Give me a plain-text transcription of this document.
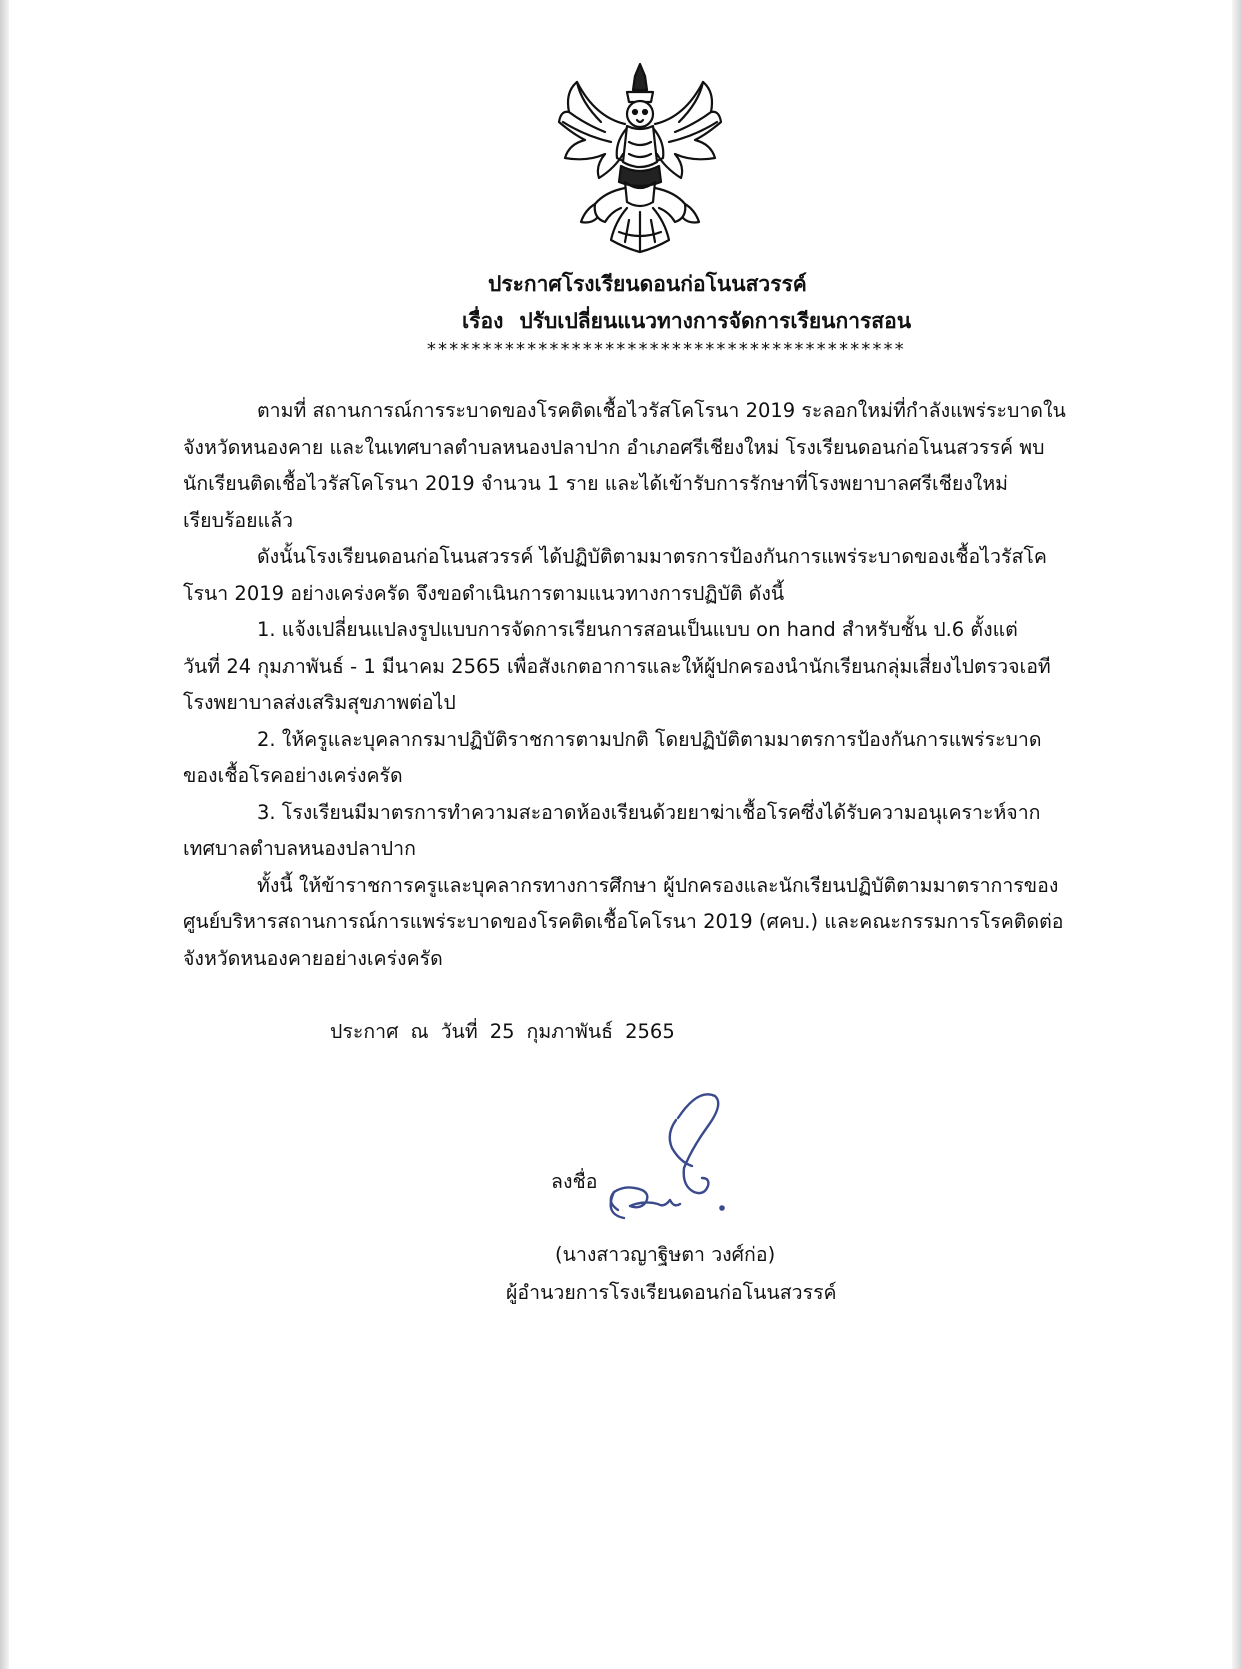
ประกาศโรงเรียนดอนก่อโนนสวรรค์
เรื่อง ปรับเปลี่ยนแนวทางการจัดการเรียนการสอน
*******************************************
ตามที่ สถานการณ์การระบาดของโรคติดเชื้อไวรัสโคโรนา 2019 ระลอกใหม่ที่กำลังแพร่ระบาดใน
จังหวัดหนองคาย และในเทศบาลตำบลหนองปลาปาก อำเภอศรีเชียงใหม่ โรงเรียนดอนก่อโนนสวรรค์ พบ
นักเรียนติดเชื้อไวรัสโคโรนา 2019 จำนวน 1 ราย และได้เข้ารับการรักษาที่โรงพยาบาลศรีเชียงใหม่
เรียบร้อยแล้ว
ดังนั้นโรงเรียนดอนก่อโนนสวรรค์ ได้ปฏิบัติตามมาตรการป้องกันการแพร่ระบาดของเชื้อไวรัสโค
โรนา 2019 อย่างเคร่งครัด จึงขอดำเนินการตามแนวทางการปฏิบัติ ดังนี้
1. แจ้งเปลี่ยนแปลงรูปแบบการจัดการเรียนการสอนเป็นแบบ on hand สำหรับชั้น ป.6 ตั้งแต่
วันที่ 24 กุมภาพันธ์ - 1 มีนาคม 2565 เพื่อสังเกตอาการและให้ผู้ปกครองนำนักเรียนกลุ่มเสี่ยงไปตรวจเอที
โรงพยาบาลส่งเสริมสุขภาพต่อไป
2. ให้ครูและบุคลากรมาปฏิบัติราชการตามปกติ โดยปฏิบัติตามมาตรการป้องกันการแพร่ระบาด
ของเชื้อโรคอย่างเคร่งครัด
3. โรงเรียนมีมาตรการทำความสะอาดห้องเรียนด้วยยาฆ่าเชื้อโรคซึ่งได้รับความอนุเคราะห์จาก
เทศบาลตำบลหนองปลาปาก
ทั้งนี้ ให้ข้าราชการครูและบุคลากรทางการศึกษา ผู้ปกครองและนักเรียนปฏิบัติตามมาตราการของ
ศูนย์บริหารสถานการณ์การแพร่ระบาดของโรคติดเชื้อโคโรนา 2019 (ศคบ.) และคณะกรรมการโรคติดต่อ
จังหวัดหนองคายอย่างเคร่งครัด
ประกาศ ณ วันที่ 25 กุมภาพันธ์ 2565
ลงชื่อ
(นางสาวญาฐิษตา วงศ์ก่อ)
ผู้อำนวยการโรงเรียนดอนก่อโนนสวรรค์
